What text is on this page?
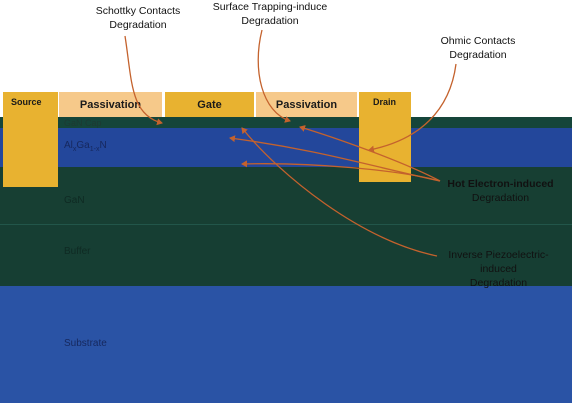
GaN Cap
$Al_xGa_{1-x}N$
GaN
Buffer
Substrate
Source	Passivation	Gate	Passivation	Drain
Schottky Contacts
Degradation
Surface Trapping-induce
Degradation
Ohmic Contacts
Degradation
Hot Electron-induced
Degradation
Inverse Piezoelectric-
induced
Degradation
